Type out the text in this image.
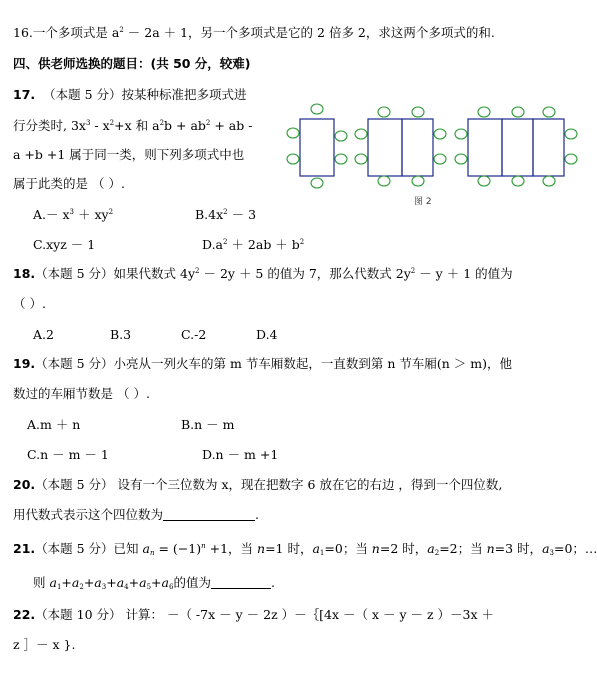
16.一个多项式是 $a^2 - 2a + 1$，另一个多项式是它的 2 倍多 2，求这两个多项式的和.
四、供老师选换的题目：(共 50 分，较难)
17. （本题 5 分）按某种标准把多项式进
行分类时, $3x^3 - x^2+x$ 和 $a^2b + ab^2$ + ab -
a +b +1 属于同一类，则下列多项式中也
属于此类的是 （ ）.
$A.- x^3 + xy^2$	$B.4x^2 - 3$
C.xyz － 1	$D.a^2 + 2ab + b^2$
图 2
18.（本题 5 分）如果代数式 $4y^2 - 2y + 5$ 的值为 7，那么代数式 $2y^2 - y + 1$ 的值为
（ ）.
A.2	B.3	C.-2	D.4
19.（本题 5 分）小亮从一列火车的第 m 节车厢数起，一直数到第 n 节车厢(n ＞ m)，他
数过的车厢节数是 （ ）.
A.m ＋ n	B.n － m
C.n － m － 1	D.n － m +1
20.（本题 5 分） 设有一个三位数为 x，现在把数字 6 放在它的右边 ，得到一个四位数,
用代数式表示这个四位数为	.
21.（本题 5 分）已知 $a_n = (-1)^n +1$，当 n=1 时，$a_1=0$；当 n=2 时，$a_2=2$；当 n=3 时，$a_3=0$；…
则 $a_1+a_2+a_3+a_4+a_5+a_6$的值为	.
22.（本题 10 分） 计算： －（ -7x － y － 2z ）－｛[4x －（ x － y － z ）－3x ＋
z ］－ x }.
